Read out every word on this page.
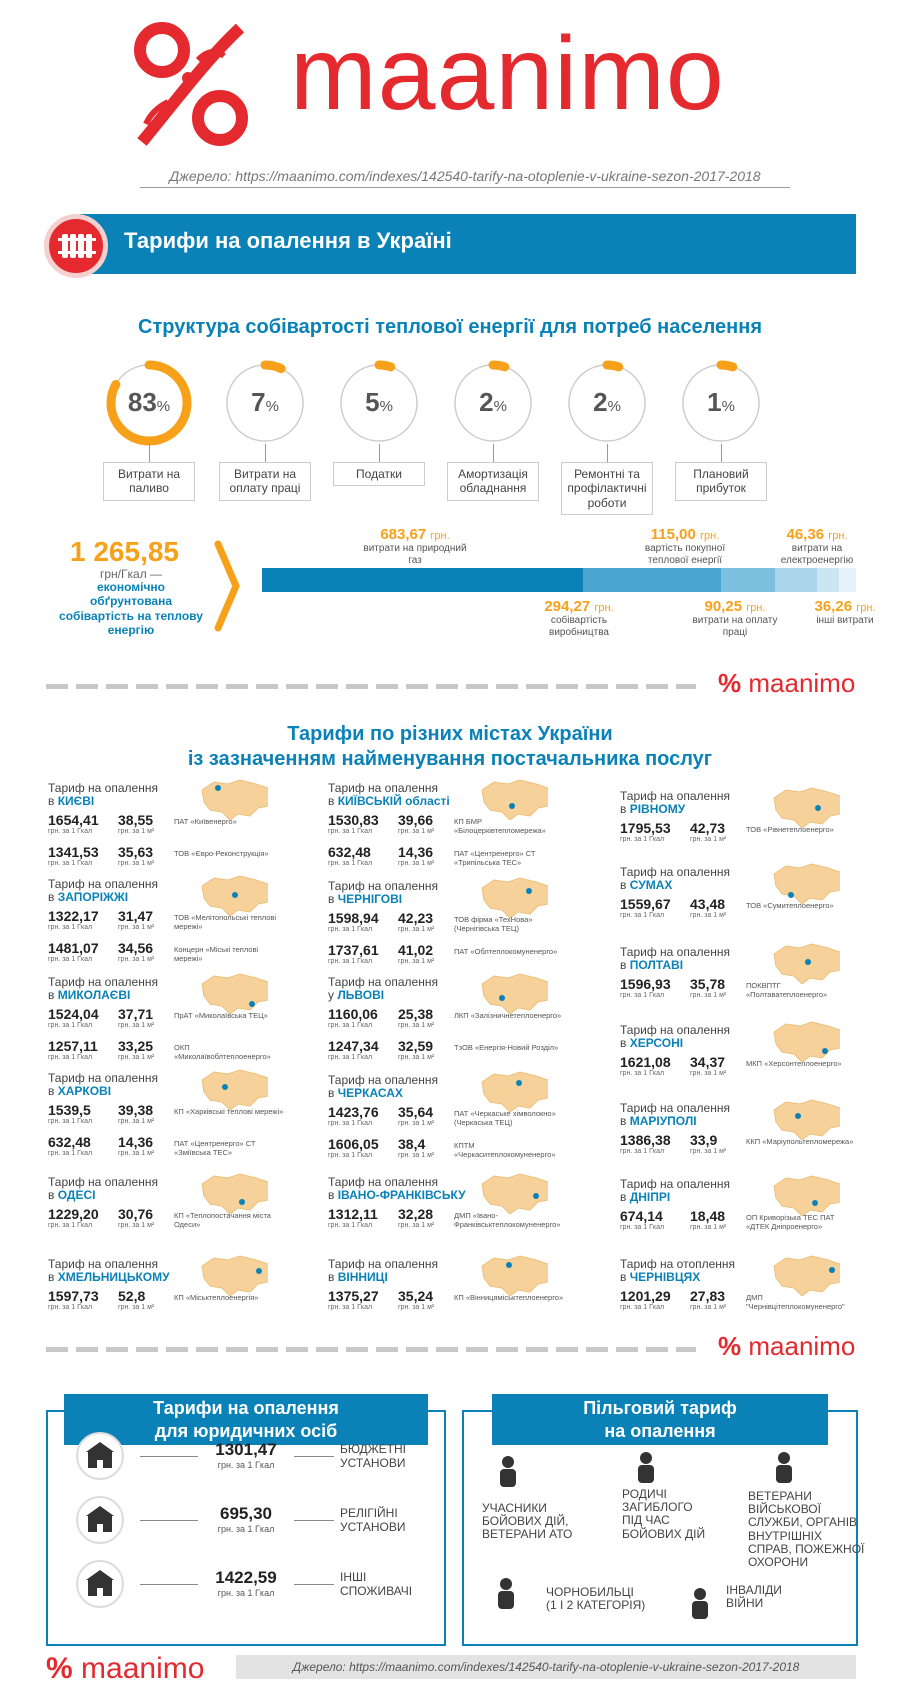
maanimo
Джерело: https://maanimo.com/indexes/142540-tarify-na-otoplenie-v-ukraine-sezon-2017-2018
Тарифи на опалення в Україні
Структура собівартості теплової енергії для потреб населення
83%
Витрати на паливо
7%
Витрати на оплату праці
5%
Податки
2%
Амортизація обладнання
2%
Ремонтні та профілактичні роботи
1%
Плановий прибуток
1 265,85
грн/Гкал —
економічно обґрунтована собівартість на теплову енергію
683,67 грн.
витрати на природний газ
115,00 грн.
вартість покупної теплової енергії
46,36 грн.
витрати на електроенергію
294,27 грн.
собівартість виробництва
90,25 грн.
витрати на оплату праці
36,26 грн.
інші витрати
% maanimo
Тарифи по різних містах України
із зазначенням найменування постачальника послуг
Тариф на опалення
в КИЄВІ
1654,41
грн. за 1 Гкал
38,55
грн. за 1 м²
ПАТ «Київенерго»
1341,53
грн. за 1 Гкал
35,63
грн. за 1 м²
ТОВ «Євро-Реконструкція»
Тариф на опалення
в ЗАПОРІЖЖІ
1322,17
грн. за 1 Гкал
31,47
грн. за 1 м²
ТОВ «Мелітопольські теплові мережі»
1481,07
грн. за 1 Гкал
34,56
грн. за 1 м²
Концерн «Міські теплові мережі»
Тариф на опалення
в МИКОЛАЄВІ
1524,04
грн. за 1 Гкал
37,71
грн. за 1 м²
ПрАТ «Миколаївська ТЕЦ»
1257,11
грн. за 1 Гкал
33,25
грн. за 1 м²
ОКП «Миколаївоблтеплоенерго»
Тариф на опалення
в ХАРКОВІ
1539,5
грн. за 1 Гкал
39,38
грн. за 1 м²
КП «Харківські теплові мережі»
632,48
грн. за 1 Гкал
14,36
грн. за 1 м²
ПАТ «Центренерго» СТ «Зміївська ТЕС»
Тариф на опалення
в ОДЕСІ
1229,20
грн. за 1 Гкал
30,76
грн. за 1 м²
КП «Теплопостачання міста Одеси»
Тариф на опалення
в ХМЕЛЬНИЦЬКОМУ
1597,73
грн. за 1 Гкал
52,8
грн. за 1 м²
КП «Міськтеплоенергія»
Тариф на опалення
в КИЇВСЬКІЙ області
1530,83
грн. за 1 Гкал
39,66
грн. за 1 м²
КП БМР «Білоцерківтепломережа»
632,48
грн. за 1 Гкал
14,36
грн. за 1 м²
ПАТ «Центренерго» СТ «Трипільська ТЕС»
Тариф на опалення
в ЧЕРНІГОВІ
1598,94
грн. за 1 Гкал
42,23
грн. за 1 м²
ТОВ фірма «ТехНова» (Чернігівська ТЕЦ)
1737,61
грн. за 1 Гкал
41,02
грн. за 1 м²
ПАТ «Облтеплокомуненерго»
Тариф на опалення
у ЛЬВОВІ
1160,06
грн. за 1 Гкал
25,38
грн. за 1 м²
ЛКП «Залізничнетеплоенерго»
1247,34
грн. за 1 Гкал
32,59
грн. за 1 м²
ТзОВ «Енергія-Новий Розділ»
Тариф на опалення
в ЧЕРКАСАХ
1423,76
грн. за 1 Гкал
35,64
грн. за 1 м²
ПАТ «Черкаське хімволокно» (Черкаська ТЕЦ)
1606,05
грн. за 1 Гкал
38,4
грн. за 1 м²
КПТМ «Черкаситеплокомуненерго»
Тариф на опалення
в ІВАНО-ФРАНКІВСЬКУ
1312,11
грн. за 1 Гкал
32,28
грн. за 1 м²
ДМП «Івано-Франківськтеплокомуненерго»
Тариф на опалення
в ВІННИЦІ
1375,27
грн. за 1 Гкал
35,24
грн. за 1 м²
КП «Вінницяміськтеплоенерго»
Тариф на опалення
в РІВНОМУ
1795,53
грн. за 1 Гкал
42,73
грн. за 1 м²
ТОВ «Рівнетеплоенерго»
Тариф на опалення
в СУМАХ
1559,67
грн. за 1 Гкал
43,48
грн. за 1 м²
ТОВ «Сумитеплоенерго»
Тариф на опалення
в ПОЛТАВІ
1596,93
грн. за 1 Гкал
35,78
грн. за 1 м²
ПОКВПТГ «Полтаватеплоенерго»
Тариф на опалення
в ХЕРСОНІ
1621,08
грн. за 1 Гкал
34,37
грн. за 1 м²
МКП «Херсонтеплоенерго»
Тариф на опалення
в МАРІУПОЛІ
1386,38
грн. за 1 Гкал
33,9
грн. за 1 м²
ККП «Маріупольтепломережа»
Тариф на опалення
в ДНІПРІ
674,14
грн. за 1 Гкал
18,48
грн. за 1 м²
ОП Криворізька ТЕС ПАТ «ДТЕК Дніпроенерго»
Тариф на отоплення
в ЧЕРНІВЦЯХ
1201,29
грн. за 1 Гкал
27,83
грн. за 1 м²
ДМП "Чернівцітеплокомуненерго"
% maanimo
Тарифи на опалення
для юридичних осіб
1301,47
грн. за 1 Гкал
БЮДЖЕТНІ
УСТАНОВИ
695,30
грн. за 1 Гкал
РЕЛІГІЙНІ
УСТАНОВИ
1422,59
грн. за 1 Гкал
ІНШІ
СПОЖИВАЧІ
Пільговий тариф
на опалення
УЧАСНИКИ
БОЙОВИХ ДІЙ,
ВЕТЕРАНИ АТО
РОДИЧІ
ЗАГИБЛОГО
ПІД ЧАС
БОЙОВИХ ДІЙ
ВЕТЕРАНИ
ВІЙСЬКОВОЇ
СЛУЖБИ, ОРГАНІВ
ВНУТРІШНІХ
СПРАВ, ПОЖЕЖНОЇ
ОХОРОНИ
ЧОРНОБИЛЬЦІ
(1 І 2 КАТЕГОРІЯ)
ІНВАЛІДИ
ВІЙНИ
% maanimo	Джерело: https://maanimo.com/indexes/142540-tarify-na-otoplenie-v-ukraine-sezon-2017-2018
